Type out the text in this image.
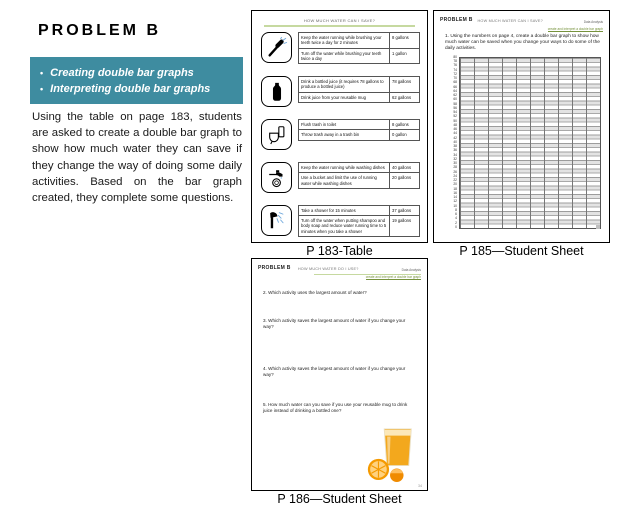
PROBLEM B
• Creating double bar graphs
• Interpreting double bar graphs
Using the table on page 183, students are asked to create a double bar graph to show how much water they can save if they change the way of doing some daily activities. Based on the bar graph created, they complete some questions.
HOW MUCH WATER CAN I SAVE?
Keep the water running while brushing your teeth twice a day for 2 minutes
8 gallons
Turn off the water while brushing your teeth twice a day
1 gallon
Drink a bottled juice (it requires 78 gallons to produce a bottled juice)
78 gallons
Drink juice from your reusable mug	62 gallons
Flush trash in toilet	8 gallons
Throw trash away in a trash bin	0 gallon
Keep the water running while washing dishes	40 gallons
Use a bucket and limit the use of running water while washing dishes
20 gallons
Take a shower for 15 minutes	37 gallons
Turn off the water when putting shampoo and body soap and reduce water running time to 5 minutes when you take a shower
19 gallons
P 183-Table
PROBLEM B HOW MUCH WATER CAN I SAVE?	Data Analysis
create and interpret a double bar graph
1. Using the numbers on page 4, create a double bar graph to show how much water can be saved when you change your ways to do some of the daily activities.
80
78
76
74
72
70
68
66
64
62
60
58
56
54
52
50
48
46
44
42
40
38
36
34
32
30
28
26
24
22
20
18
16
14
12
10
8
6
4
2
0
P 185—Student Sheet
PROBLEM B HOW MUCH WATER DO I USE?	Data Analysis
create and interpret a double bar graph
2. Which activity uses the largest amount of water?
3. Which activity saves the largest amount of water if you change your way?
4. Which activity saves the largest amount of water if you change your way?
5. How much water can you save if you use your reusable mug to drink juice instead of drinking a bottled one?
34
P 186—Student Sheet
